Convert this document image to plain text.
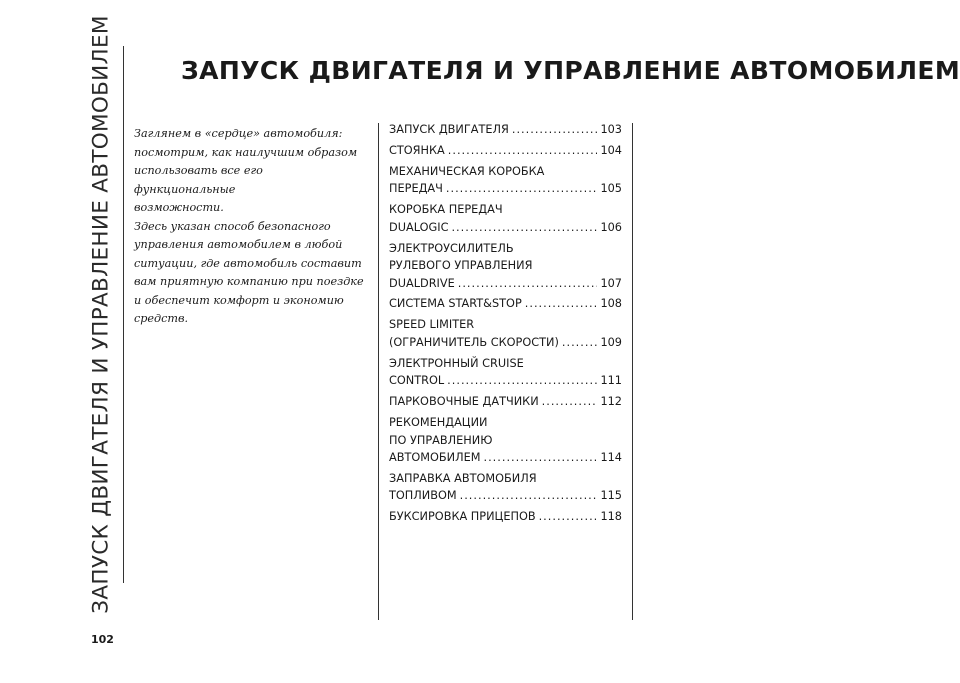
ЗАПУСК ДВИГАТЕЛЯ И УПРАВЛЕНИЕ АВТОМОБИЛЕМ
102
ЗАПУСК ДВИГАТЕЛЯ И УПРАВЛЕНИЕ АВТОМОБИЛЕМ

Заглянем в «сердце» автомобиля:

посмотрим, как наилучшим образом

использовать все его функциональные

возможности.

Здесь указан способ безопасного

управления автомобилем в любой

ситуации, где автомобиль составит

вам приятную компанию при поездке

и обеспечит комфорт и экономию

средств.

ЗАПУСК ДВИГАТЕЛЯ .....	103
СТОЯНКА .....	104
МЕХАНИЧЕСКАЯ КОРОБКА
ПЕРЕДАЧ .....	105
КОРОБКА ПЕРЕДАЧ
DUALOGIC .....	106
ЭЛЕКТРОУСИЛИТЕЛЬ
РУЛЕВОГО УПРАВЛЕНИЯ
DUALDRIVE .....	107
СИСТЕМА START&STOP .....	108
SPEED LIMITER
(ОГРАНИЧИТЕЛЬ СКОРОСТИ) .....	109
ЭЛЕКТРОННЫЙ CRUISE
CONTROL .....	111
ПАРКОВОЧНЫЕ ДАТЧИКИ .....	112
РЕКОМЕНДАЦИИ
ПО УПРАВЛЕНИЮ
АВТОМОБИЛЕМ .....	114
ЗАПРАВКА АВТОМОБИЛЯ
ТОПЛИВОМ .....	115
БУКСИРОВКА ПРИЦЕПОВ .....	118
